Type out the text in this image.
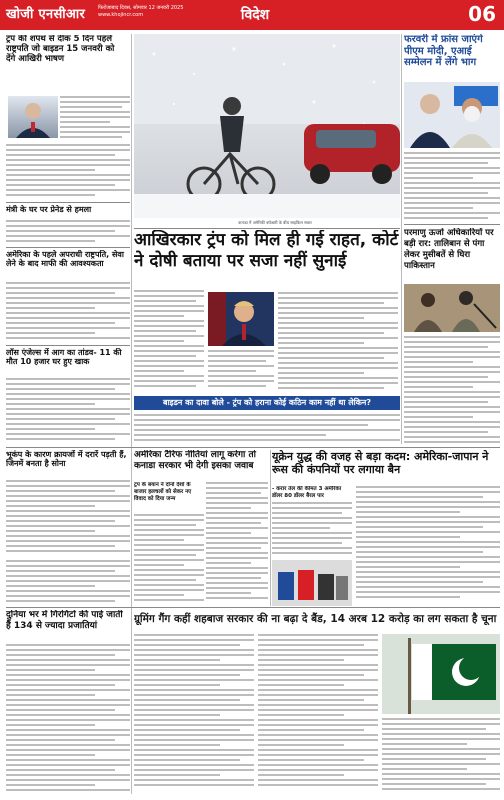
खोजी एनसीआर	फिरोजाबाद दिवस, सोमवार 12 जनवरी 2025
www.khojincr.com	विदेश	06
ट्रंप की शपथ से दीक 5 दिन पहले राष्ट्रपति जो बाइडन 15 जनवरी को देंगे आखिरी भाषण
कनाडा में अमेरिकी बर्फबारी के बीच साइकिल सवार
फरवरी में फ्रांस जाएंगे पीएम मोदी, एआई सम्मेलन में लेंगे भाग
मंत्री के घर पर प्रेनेड से हमला
अमेरिका के पहले अपराधी राष्ट्रपति, सेवा लेने के बाद माफी की आवश्यकता
लॉस एंजेल्स में आग का तांडव- 11 की मौत 10 हजार घर हुए खाक
आखिरकार ट्रंप को मिल ही गई राहत, कोर्ट ने दोषी बताया पर सजा नहीं सुनाई
परमाणु ऊर्जा अधिकारियों पर बड़ी रार: तालिबान से पंगा लेकर मुसीबतें से घिरा पाकिस्तान
बाइडन का दावा बोले - ट्रंप को हराना कोई कठिन काम नहीं था लेकिन?
भूकंप के कारण क्रायजों में दरारें पड़ती हैं, जिनमें बनता है सोना
अमेरिका टैरिफ नीतियां लागू करेगा तो कनाडा सरकार भी देगी इसका जवाब
ट्रंप के बयान ने दोनों देशों के बाजार हलचलों को सेकर नए विवाद को दिया जन्म
यूक्रेन युद्ध की वजह से बड़ा कदम: अमेरिका-जापान ने रूस की कंपनियों पर लगाया बैन
- करार तेल की कीमत 3 अमेरिका डॉलर 80 डॉलर बैरल पार
ग्रूमिंग गैंग कहीं शहबाज सरकार की ना बढ़ा दे बैंड, 14 अरब 12 करोड़ का लग सकता है चूना
दुनिया भर में गिरगिटों की पाई जाती हैं 134 से ज्यादा प्रजातियां
